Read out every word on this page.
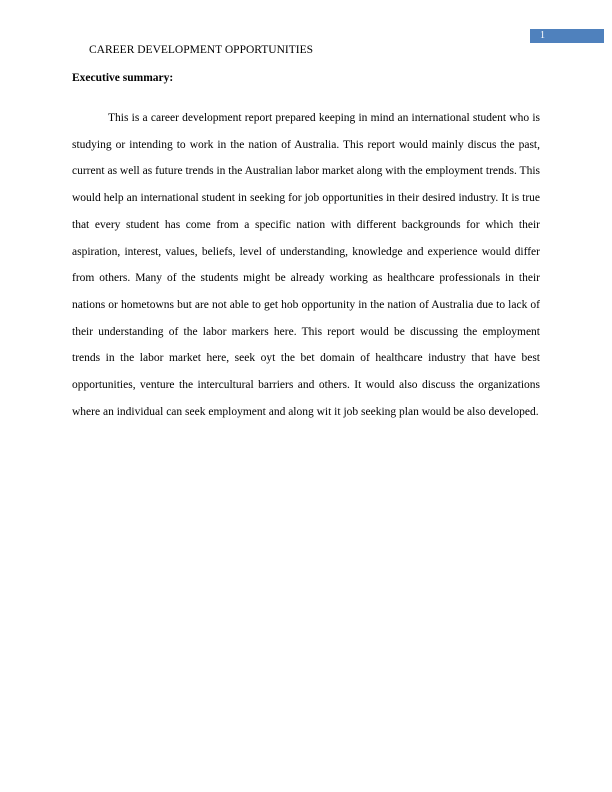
1
CAREER DEVELOPMENT OPPORTUNITIES
Executive summary:

This is a career development report prepared keeping in mind an international student who is studying or intending to work in the nation of Australia. This report would mainly discus the past, current as well as future trends in the Australian labor market along with the employment trends. This would help an international student in seeking for job opportunities in their desired industry. It is true that every student has come from a specific nation with different backgrounds for which their aspiration, interest, values, beliefs, level of understanding, knowledge and experience would differ from others. Many of the students might be already working as healthcare professionals in their nations or hometowns but are not able to get hob opportunity in the nation of Australia due to lack of their understanding of the labor markers here. This report would be discussing the employment trends in the labor market here, seek oyt the bet domain of healthcare industry that have best opportunities, venture the intercultural barriers and others. It would also discuss the organizations where an individual can seek employment and along wit it job seeking plan would be also developed.
